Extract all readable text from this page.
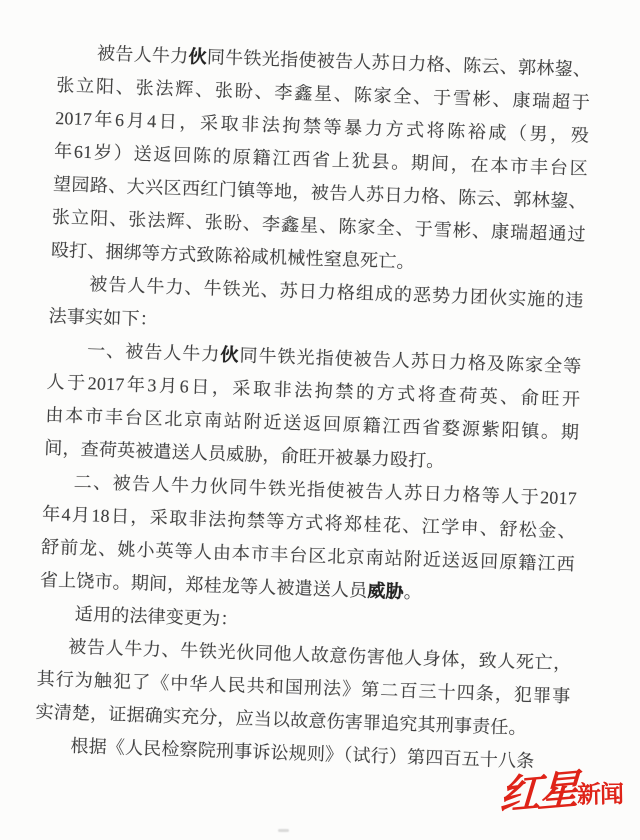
被告人牛力伙同牛铁光指使被告人苏日力格、陈云、郭林鋆、
张立阳、张法辉、张盼、李鑫星、陈家全、于雪彬、康瑞超于
2017年6月4日，采取非法拘禁等暴力方式将陈裕咸（男，殁
年61岁）送返回陈的原籍江西省上犹县。期间，在本市丰台区
望园路、大兴区西红门镇等地，被告人苏日力格、陈云、郭林鋆、
张立阳、张法辉、张盼、李鑫星、陈家全、于雪彬、康瑞超通过
殴打、捆绑等方式致陈裕咸机械性窒息死亡。
被告人牛力、牛铁光、苏日力格组成的恶势力团伙实施的违
法事实如下：
一、被告人牛力伙同牛铁光指使被告人苏日力格及陈家全等
人于2017年3月6日，采取非法拘禁的方式将查荷英、俞旺开
由本市丰台区北京南站附近送返回原籍江西省婺源紫阳镇。期
间，查荷英被遣送人员威胁，俞旺开被暴力殴打。
二、被告人牛力伙同牛铁光指使被告人苏日力格等人于2017
年4月18日，采取非法拘禁等方式将郑桂花、江学申、舒松金、
舒前龙、姚小英等人由本市丰台区北京南站附近送返回原籍江西
省上饶市。期间，郑桂龙等人被遣送人员威胁。
适用的法律变更为：
被告人牛力、牛铁光伙同他人故意伤害他人身体，致人死亡，
其行为触犯了《中华人民共和国刑法》第二百三十四条，犯罪事
实清楚，证据确实充分，应当以故意伤害罪追究其刑事责任。
根据《人民检察院刑事诉讼规则》（试行）第四百五十八条
红星 新闻
